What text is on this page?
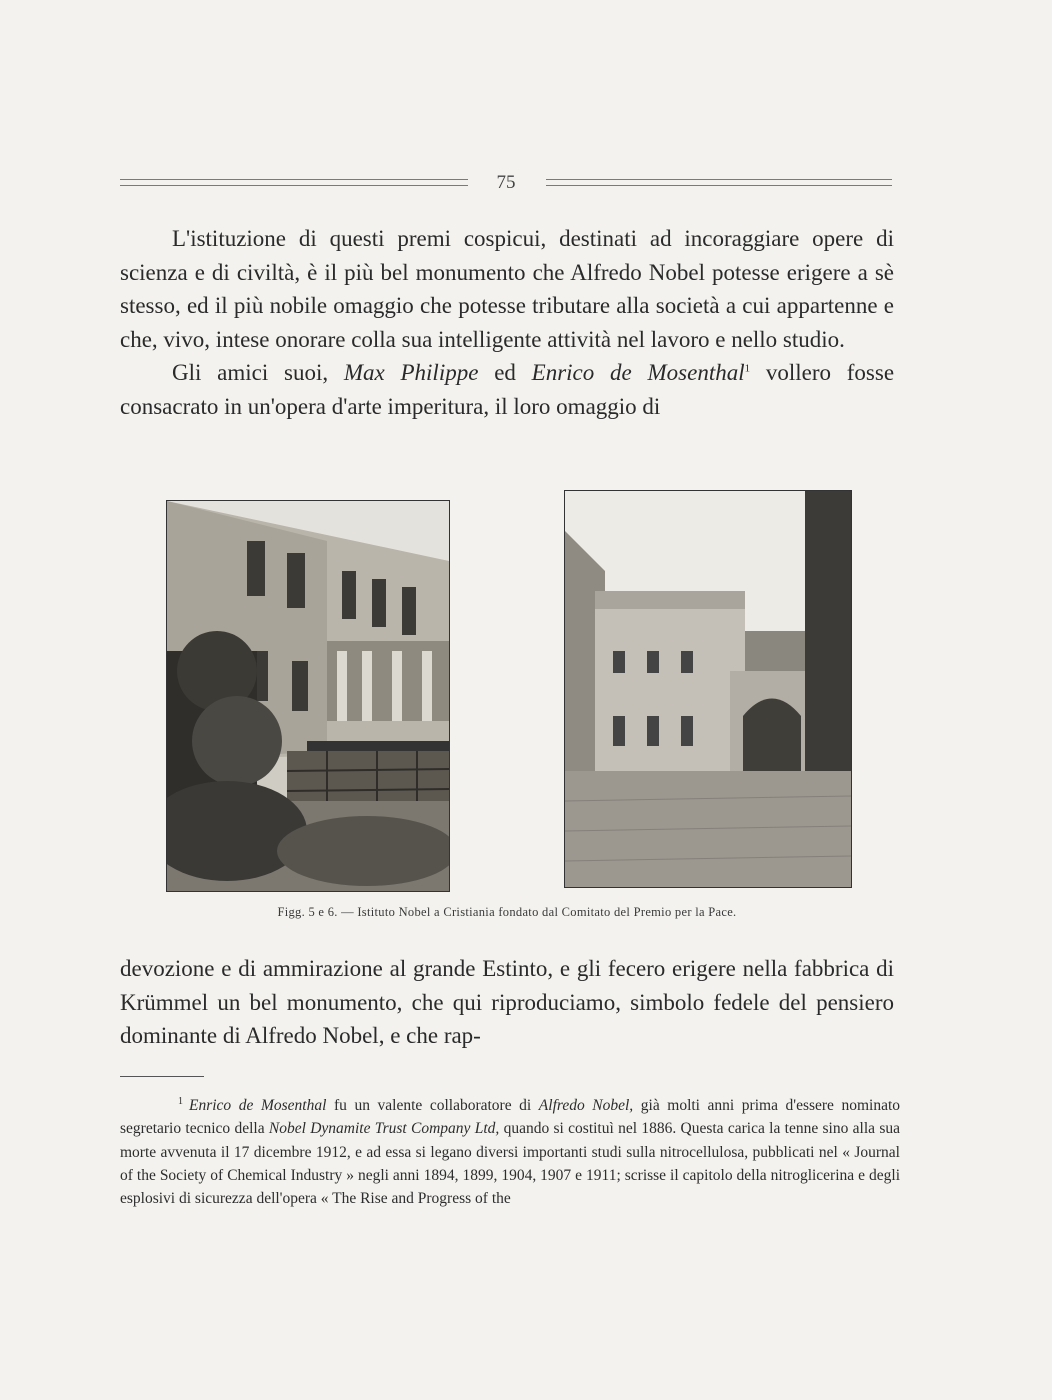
75

L'istituzione di questi premi cospicui, destinati ad incoraggiare opere di scienza e di civiltà, è il più bel monumento che Alfredo Nobel potesse erigere a sè stesso, ed il più nobile omaggio che potesse tributare alla società a cui appartenne e che, vivo, intese onorare colla sua intelligente attività nel lavoro e nello studio.

Gli amici suoi, Max Philippe ed Enrico de Mosenthal$^1$ vollero fosse consacrato in un'opera d'arte imperitura, il loro omaggio di

Figg. 5 e 6. — Istituto Nobel a Cristiania fondato dal Comitato del Premio per la Pace.

devozione e di ammirazione al grande Estinto, e gli fecero erigere nella fabbrica di Krümmel un bel monumento, che qui riproduciamo, simbolo fedele del pensiero dominante di Alfredo Nobel, e che rap-

$^1$ Enrico de Mosenthal fu un valente collaboratore di Alfredo Nobel, già molti anni prima d'essere nominato segretario tecnico della Nobel Dynamite Trust Company Ltd, quando si costituì nel 1886. Questa carica la tenne sino alla sua morte avvenuta il 17 dicembre 1912, e ad essa si legano diversi importanti studi sulla nitrocellulosa, pubblicati nel « Journal of the Society of Chemical Industry » negli anni 1894, 1899, 1904, 1907 e 1911; scrisse il capitolo della nitroglicerina e degli esplosivi di sicurezza dell'opera « The Rise and Progress of the
